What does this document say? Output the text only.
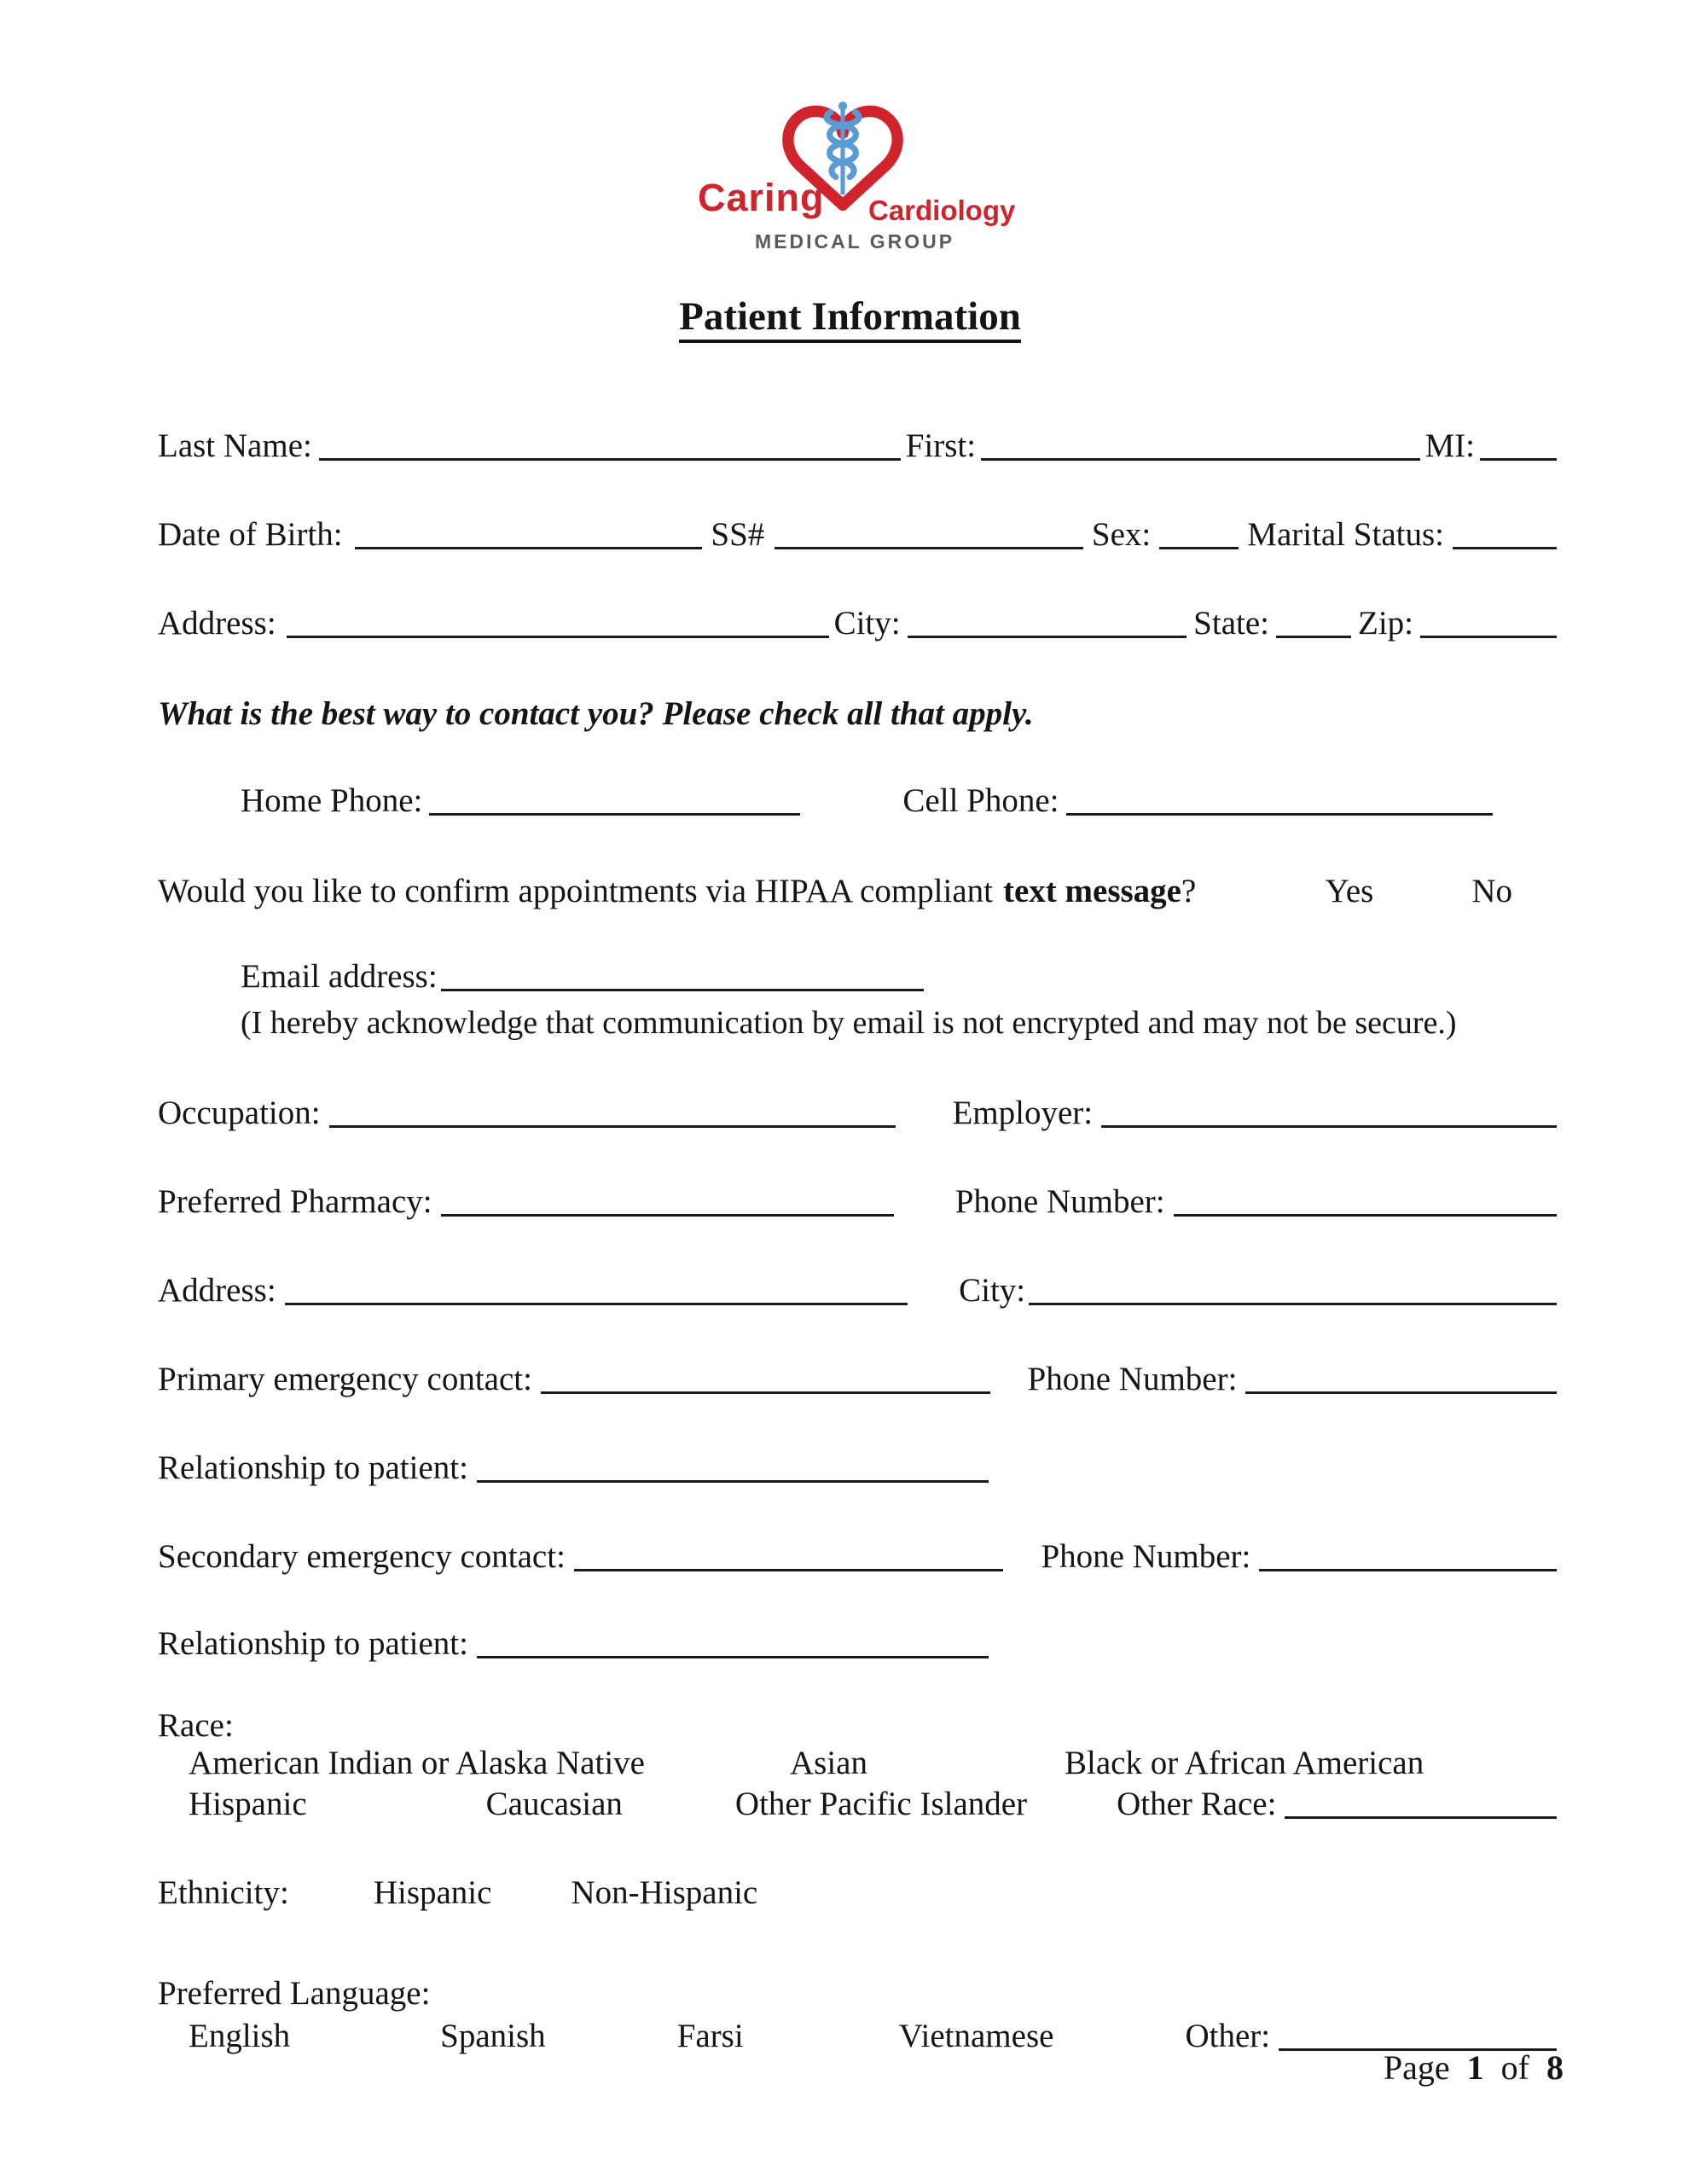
Caring Cardiology
MEDICAL GROUP
Patient Information
Last Name:	First:	MI:
Date of Birth:	SS#	Sex:	Marital Status:
Address:	City:	State:	Zip:
What is the best way to contact you? Please check all that apply.
Home Phone:	Cell Phone:
Would you like to confirm appointments via HIPAA compliant text message ?	Yes	No
Email address:
(I hereby acknowledge that communication by email is not encrypted and may not be secure.)
Occupation:	Employer:
Preferred Pharmacy:	Phone Number:
Address:	City:
Primary emergency contact:	Phone Number:
Relationship to patient:
Secondary emergency contact:	Phone Number:
Relationship to patient:
Race:
American Indian or Alaska Native	Asian	Black or African American
Hispanic	Caucasian	Other Pacific Islander	Other Race:
Ethnicity:	Hispanic Non-Hispanic
Preferred Language:
English	Spanish	Farsi	Vietnamese	Other:
Page 1 of 8
